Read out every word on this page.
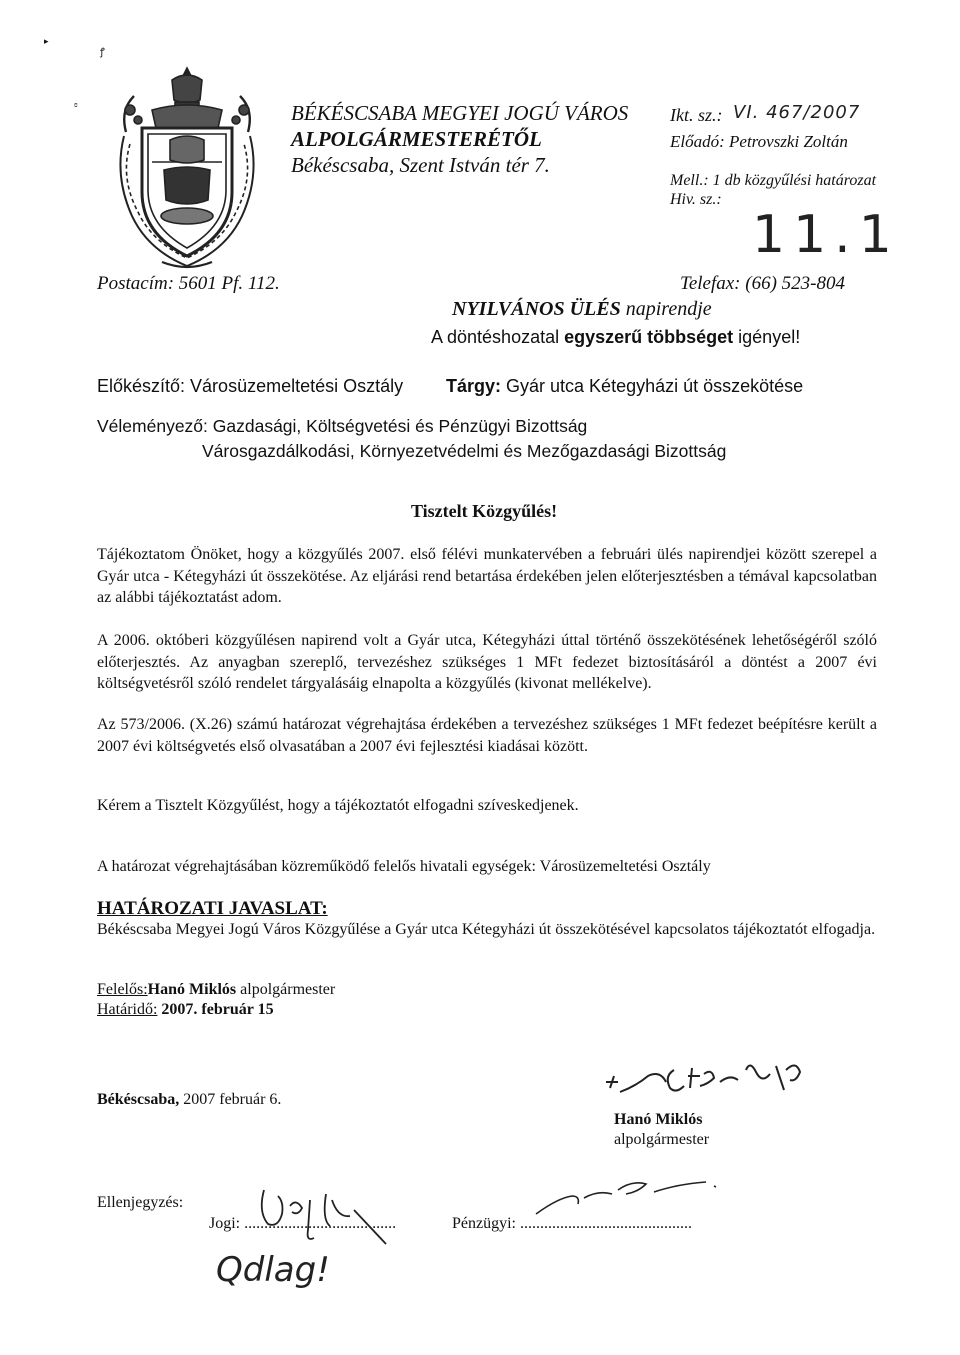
▸
ꝭ
ɞ	BÉKÉSCSABA MEGYEI JOGÚ VÁROS
ALPOLGÁRMESTERÉTŐL
Békéscsaba, Szent István tér 7.
Ikt. sz.: VI. 467/2007
Előadó: Petrovszki Zoltán
Mell.: 1 db közgyűlési határozat
Hiv. sz.:
11.1
Postacím: 5601 Pf. 112.	Telefax: (66) 523-804
NYILVÁNOS ÜLÉS napirendje
A döntéshozatal egyszerű többséget igényel!
Előkészítő: Városüzemeltetési Osztály Tárgy: Gyár utca Kétegyházi út összekötése
Véleményező: Gazdasági, Költségvetési és Pénzügyi Bizottság
Városgazdálkodási, Környezetvédelmi és Mezőgazdasági Bizottság
Tisztelt Közgyűlés!

Tájékoztatom Önöket, hogy a közgyűlés 2007. első félévi munkatervében a februári ülés napirendjei között szerepel a Gyár utca - Kétegyházi út összekötése. Az eljárási rend betartása érdekében jelen előterjesztésben a témával kapcsolatban az alábbi tájékoztatást adom.

A 2006. októberi közgyűlésen napirend volt a Gyár utca, Kétegyházi úttal történő összekötésének lehetőségéről szóló előterjesztés. Az anyagban szereplő, tervezéshez szükséges 1 MFt fedezet biztosításáról a döntést a 2007 évi költségvetésről szóló rendelet tárgyalásáig elnapolta a közgyűlés (kivonat mellékelve).

Az 573/2006. (X.26) számú határozat végrehajtása érdekében a tervezéshez szükséges 1 MFt fedezet beépítésre került a 2007 évi költségvetés első olvasatában a 2007 évi fejlesztési kiadásai között.

Kérem a Tisztelt Közgyűlést, hogy a tájékoztatót elfogadni szíveskedjenek.

A határozat végrehajtásában közreműködő felelős hivatali egységek: Városüzemeltetési Osztály

HATÁROZATI JAVASLAT:

Békéscsaba Megyei Jogú Város Közgyűlése a Gyár utca Kétegyházi út összekötésével kapcsolatos tájékoztatót elfogadja.

Felelős:Hanó Miklós alpolgármester
Határidő: 2007. február 15
Békéscsaba, 2007 február 6.
Hanó Miklós
alpolgármester
Ellenjegyzés:
Jogi: ......................................	Pénzügyi: ...........................................
Qdlag!
